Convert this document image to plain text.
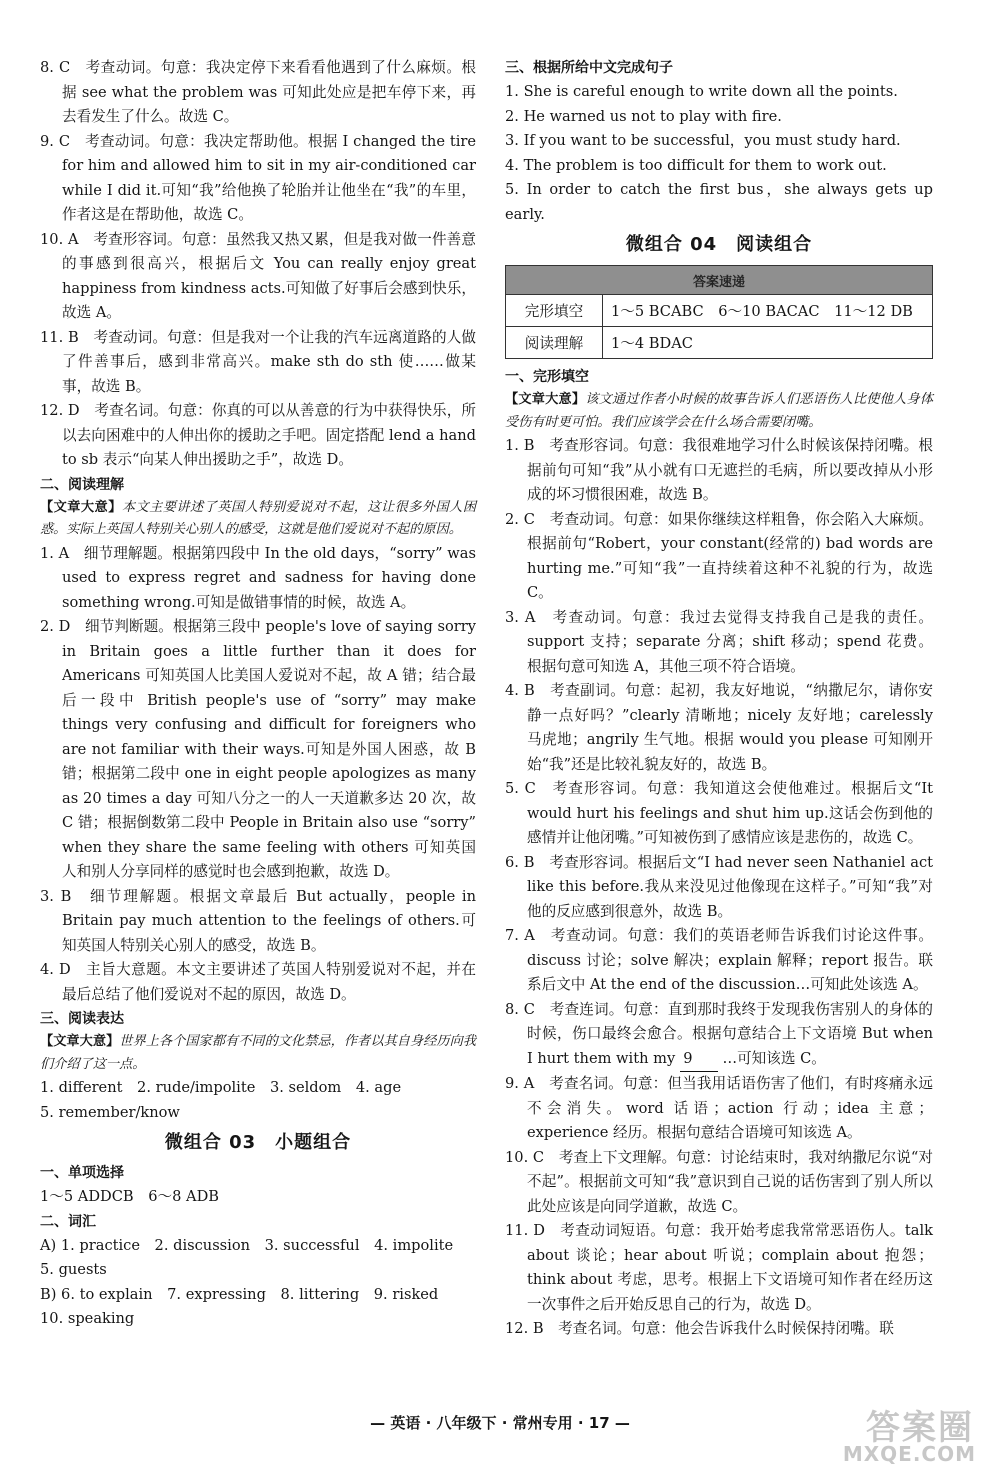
8. C　考查动词。句意：我决定停下来看看他遇到了什么麻烦。根据 see what the problem was 可知此处应是把车停下来，再去看发生了什么。故选 C。

9. C　考查动词。句意：我决定帮助他。根据 I changed the tire for him and allowed him to sit in my air-conditioned car while I did it.可知“我”给他换了轮胎并让他坐在“我”的车里，作者这是在帮助他，故选 C。

10. A　考查形容词。句意：虽然我又热又累，但是我对做一件善意的事感到很高兴，根据后文 You can really enjoy great happiness from kindness acts.可知做了好事后会感到快乐，故选 A。

11. B　考查动词。句意：但是我对一个让我的汽车远离道路的人做了件善事后，感到非常高兴。make sth do sth 使……做某事，故选 B。

12. D　考查名词。句意：你真的可以从善意的行为中获得快乐，所以去向困难中的人伸出你的援助之手吧。固定搭配 lend a hand to sb 表示“向某人伸出援助之手”，故选 D。

二、阅读理解

【文章大意】本文主要讲述了英国人特别爱说对不起，这让很多外国人困惑。实际上英国人特别关心别人的感受，这就是他们爱说对不起的原因。

1. A　细节理解题。根据第四段中 In the old days，“sorry” was used to express regret and sadness for having done something wrong.可知是做错事情的时候，故选 A。

2. D　细节判断题。根据第三段中 people's love of saying sorry in Britain goes a little further than it does for Americans 可知英国人比美国人爱说对不起，故 A 错；结合最后一段中 British people's use of “sorry” may make things very confusing and difficult for foreigners who are not familiar with their ways.可知是外国人困惑，故 B 错；根据第二段中 one in eight people apologizes as many as 20 times a day 可知八分之一的人一天道歉多达 20 次，故 C 错；根据倒数第二段中 People in Britain also use “sorry” when they share the same feeling with others 可知英国人和别人分享同样的感觉时也会感到抱歉，故选 D。

3. B　细节理解题。根据文章最后 But actually，people in Britain pay much attention to the feelings of others.可知英国人特别关心别人的感受，故选 B。

4. D　主旨大意题。本文主要讲述了英国人特别爱说对不起，并在最后总结了他们爱说对不起的原因，故选 D。

三、阅读表达

【文章大意】世界上各个国家都有不同的文化禁忌，作者以其自身经历向我们介绍了这一点。

1. different　2. rude/impolite　3. seldom　4. age

5. remember/know

微组合 03　小题组合

一、单项选择

1～5 ADDCB　6～8 ADB

二、词汇

A) 1. practice　2. discussion　3. successful　4. impolite

5. guests

B) 6. to explain　7. expressing　8. littering　9. risked

10. speaking

三、根据所给中文完成句子

1. She is careful enough to write down all the points.

2. He warned us not to play with fire.

3. If you want to be successful，you must study hard.

4. The problem is too difficult for them to work out.

5. In order to catch the first bus，she always gets up early.

微组合 04　阅读组合

答案速递	
完形填空	1～5 BCABC　6～10 BACAC　11～12 DB
阅读理解	1～4 BDAC

一、完形填空

【文章大意】该文通过作者小时候的故事告诉人们恶语伤人比使他人身体受伤有时更可怕。我们应该学会在什么场合需要闭嘴。

1. B　考查形容词。句意：我很难地学习什么时候该保持闭嘴。根据前句可知“我”从小就有口无遮拦的毛病，所以要改掉从小形成的坏习惯很困难，故选 B。

2. C　考查动词。句意：如果你继续这样粗鲁，你会陷入大麻烦。根据前句“Robert，your constant(经常的) bad words are hurting me.”可知“我”一直持续着这种不礼貌的行为，故选 C。

3. A　考查动词。句意：我过去觉得支持我自己是我的责任。support 支持；separate 分离；shift 移动；spend 花费。根据句意可知选 A，其他三项不符合语境。

4. B　考查副词。句意：起初，我友好地说，“纳撒尼尔，请你安静一点好吗？”clearly 清晰地；nicely 友好地；carelessly 马虎地；angrily 生气地。根据 would you please 可知刚开始“我”还是比较礼貌友好的，故选 B。

5. C　考查形容词。句意：我知道这会使他难过。根据后文“It would hurt his feelings and shut him up.这话会伤到他的感情并让他闭嘴。”可知被伤到了感情应该是悲伤的，故选 C。

6. B　考查形容词。根据后文“I had never seen Nathaniel act like this before.我从来没见过他像现在这样子。”可知“我”对他的反应感到很意外，故选 B。

7. A　考查动词。句意：我们的英语老师告诉我们讨论这件事。discuss 讨论；solve 解决；explain 解释；report 报告。联系后文中 At the end of the discussion…可知此处该选 A。

8. C　考查连词。句意：直到那时我终于发现我伤害别人的身体的时候，伤口最终会愈合。根据句意结合上下文语境 But when I hurt them with my 9 …可知该选 C。

9. A　考查名词。句意：但当我用话语伤害了他们，有时疼痛永远不会消失。word 话语；action 行动；idea 主意；experience 经历。根据句意结合语境可知该选 A。

10. C　考查上下文理解。句意：讨论结束时，我对纳撒尼尔说“对不起”。根据前文可知“我”意识到自己说的话伤害到了别人所以此处应该是向同学道歉，故选 C。

11. D　考查动词短语。句意：我开始考虑我常常恶语伤人。talk about 谈论；hear about 听说；complain about 抱怨；think about 考虑，思考。根据上下文语境可知作者在经历这一次事件之后开始反思自己的行为，故选 D。

12. B　考查名词。句意：他会告诉我什么时候保持闭嘴。联

— 英语 · 八年级下 · 常州专用 · 17 —	答案圈
MXQE.COM
